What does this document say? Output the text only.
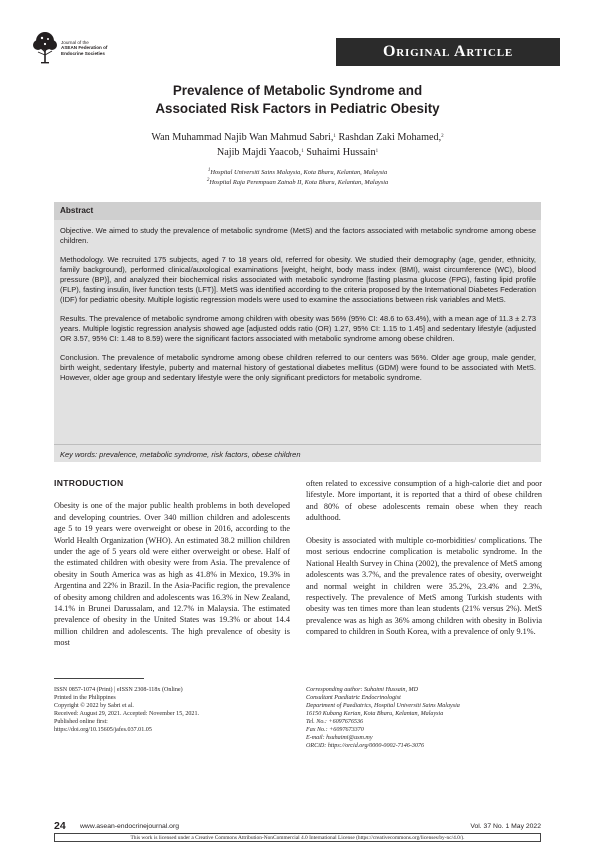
Journal of the
ASEAN Federation of
Endocrine Societies	Original Article
Prevalence of Metabolic Syndrome and
Associated Risk Factors in Pediatric Obesity
Wan Muhammad Najib Wan Mahmud Sabri,$^1$ Rashdan Zaki Mohamed,$^2$
Najib Majdi Yaacob,$^1$ Suhaimi Hussain$^1$
$^1$Hospital Universiti Sains Malaysia, Kota Bharu, Kelantan, Malaysia
$^2$Hospital Raja Perempuan Zainab II, Kota Bharu, Kelantan, Malaysia
Abstract

Objective. We aimed to study the prevalence of metabolic syndrome (MetS) and the factors associated with metabolic syndrome among obese children.

Methodology. We recruited 175 subjects, aged 7 to 18 years old, referred for obesity. We studied their demography (age, gender, ethnicity, family background), performed clinical/auxological examinations [weight, height, body mass index (BMI), waist circumference (WC), blood pressure (BP)], and analyzed their biochemical risks associated with metabolic syndrome [fasting plasma glucose (FPG), fasting lipid profile (FLP), fasting insulin, liver function tests (LFT)]. MetS was identified according to the criteria proposed by the International Diabetes Federation (IDF) for pediatric obesity. Multiple logistic regression models were used to examine the associations between risk variables and MetS.

Results. The prevalence of metabolic syndrome among children with obesity was 56% (95% CI: 48.6 to 63.4%), with a mean age of 11.3 ± 2.73 years. Multiple logistic regression analysis showed age [adjusted odds ratio (OR) 1.27, 95% CI: 1.15 to 1.45] and sedentary lifestyle (adjusted OR 3.57, 95% CI: 1.48 to 8.59) were the significant factors associated with metabolic syndrome among obese children.

Conclusion. The prevalence of metabolic syndrome among obese children referred to our centers was 56%. Older age group, male gender, birth weight, sedentary lifestyle, puberty and maternal history of gestational diabetes mellitus (GDM) were found to be associated with MetS. However, older age group and sedentary lifestyle were the only significant predictors for metabolic syndrome.

Key words: prevalence, metabolic syndrome, risk factors, obese children
INTRODUCTION

Obesity is one of the major public health problems in both developed and developing countries. Over 340 million children and adolescents age 5 to 19 years were overweight or obese in 2016, according to the World Health Organization (WHO). An estimated 38.2 million children under the age of 5 years old were either overweight or obese. Half of the estimated children with obesity were from Asia. The prevalence of obesity in South America was as high as 41.8% in Mexico, 19.3% in Argentina and 22% in Brazil. In the Asia-Pacific region, the prevalence of obesity among children and adolescents was 16.3% in New Zealand, 14.1% in Brunei Darussalam, and 12.7% in Malaysia. The estimated prevalence of obesity in the United States was 19.3% or about 14.4 million children and adolescents. The high prevalence of obesity is most

often related to excessive consumption of a high-calorie diet and poor lifestyle. More important, it is reported that a third of obese children and 80% of obese adolescents remain obese when they reach adulthood.

Obesity is associated with multiple co-morbidities/ complications. The most serious endocrine complication is metabolic syndrome. In the National Health Survey in China (2002), the prevalence of MetS among adolescents was 3.7%, and the prevalence rates of obesity, overweight and normal weight in children were 35.2%, 23.4% and 2.3%, respectively. The prevalence of MetS among Turkish students with obesity was ten times more than lean students (21% versus 2%). MetS prevalence was as high as 36% among children with obesity in Bolivia compared to children in South Korea, with a prevalence of only 9.1%.

ISSN 0857-1074 (Print) | eISSN 2308-118x (Online)
Printed in the Philippines
Copyright © 2022 by Sabri et al.
Received: August 29, 2021. Accepted: November 15, 2021.
Published online first:
https://doi.org/10.15605/jafes.037.01.05
Corresponding author: Suhaimi Hussain, MD
Consultant Paediatric Endocrinologist
Department of Paediatrics, Hospital Universiti Sains Malaysia
16150 Kubang Kerian, Kota Bharu, Kelantan, Malaysia
Tel. No.: +6097676536
Fax No.: +6097673370
E-mail: hsuhaimi@usm.my
ORCiD: https://orcid.org/0000-0002-7146-3076
24 www.asean-endocrinejournal.org	Vol. 37 No. 1 May 2022
This work is licensed under a Creative Commons Attribution-NonCommercial 4.0 International License (https://creativecommons.org/licenses/by-nc/4.0/).
